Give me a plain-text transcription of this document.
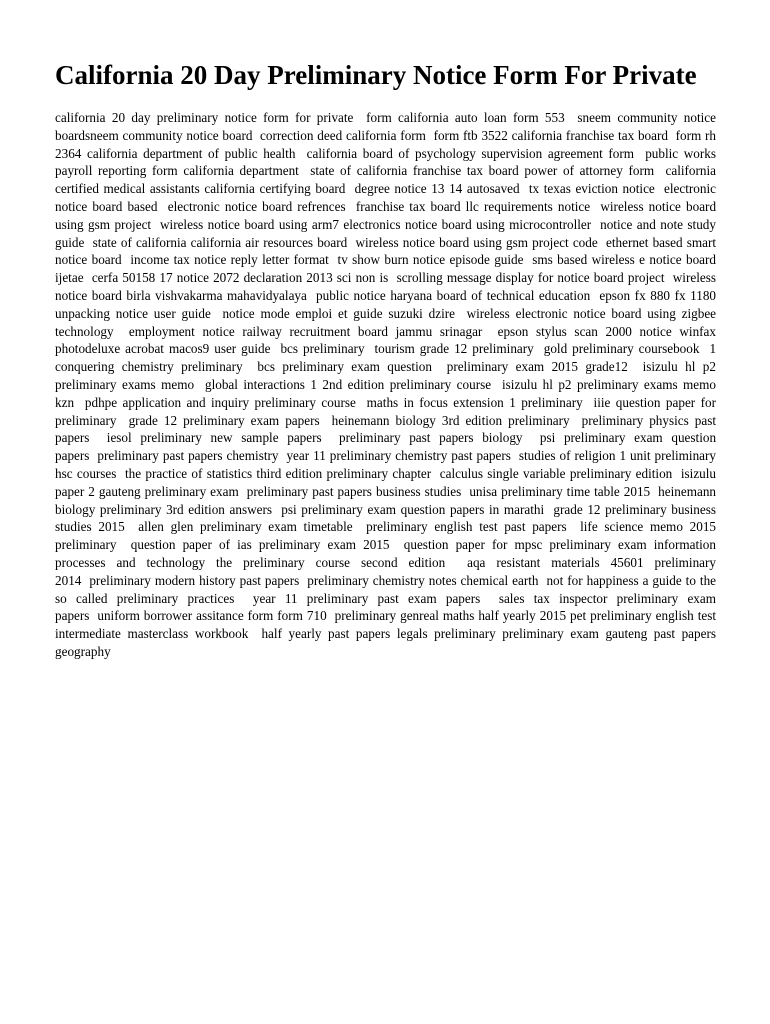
California 20 Day Preliminary Notice Form For Private

california 20 day preliminary notice form for private form california auto loan form 553 sneem community notice boardsneem community notice board correction deed california form form ftb 3522 california franchise tax board form rh 2364 california department of public health california board of psychology supervision agreement form public works payroll reporting form california department state of california franchise tax board power of attorney form california certified medical assistants california certifying board degree notice 13 14 autosaved tx texas eviction notice electronic notice board based electronic notice board refrences franchise tax board llc requirements notice wireless notice board using gsm project wireless notice board using arm7 electronics notice board using microcontroller notice and note study guide state of california california air resources board wireless notice board using gsm project code ethernet based smart notice board income tax notice reply letter format tv show burn notice episode guide sms based wireless e notice board ijetae cerfa 50158 17 notice 2072 declaration 2013 sci non is scrolling message display for notice board project wireless notice board birla vishvakarma mahavidyalaya public notice haryana board of technical education epson fx 880 fx 1180 unpacking notice user guide notice mode emploi et guide suzuki dzire wireless electronic notice board using zigbee technology employment notice railway recruitment board jammu srinagar epson stylus scan 2000 notice winfax photodeluxe acrobat macos9 user guide bcs preliminary tourism grade 12 preliminary gold preliminary coursebook 1 conquering chemistry preliminary bcs preliminary exam question preliminary exam 2015 grade12 isizulu hl p2 preliminary exams memo global interactions 1 2nd edition preliminary course isizulu hl p2 preliminary exams memo kzn pdhpe application and inquiry preliminary course maths in focus extension 1 preliminary iiie question paper for preliminary grade 12 preliminary exam papers heinemann biology 3rd edition preliminary preliminary physics past papers iesol preliminary new sample papers preliminary past papers biology psi preliminary exam question papers preliminary past papers chemistry year 11 preliminary chemistry past papers studies of religion 1 unit preliminary hsc courses the practice of statistics third edition preliminary chapter calculus single variable preliminary edition isizulu paper 2 gauteng preliminary exam preliminary past papers business studies unisa preliminary time table 2015 heinemann biology preliminary 3rd edition answers psi preliminary exam question papers in marathi grade 12 preliminary business studies 2015 allen glen preliminary exam timetable preliminary english test past papers life science memo 2015 preliminary question paper of ias preliminary exam 2015 question paper for mpsc preliminary exam information processes and technology the preliminary course second edition aqa resistant materials 45601 preliminary 2014 preliminary modern history past papers preliminary chemistry notes chemical earth not for happiness a guide to the so called preliminary practices year 11 preliminary past exam papers sales tax inspector preliminary exam papers uniform borrower assitance form form 710 preliminary genreal maths half yearly 2015 pet preliminary english test intermediate masterclass workbook half yearly past papers legals preliminary preliminary exam gauteng past papers geography
